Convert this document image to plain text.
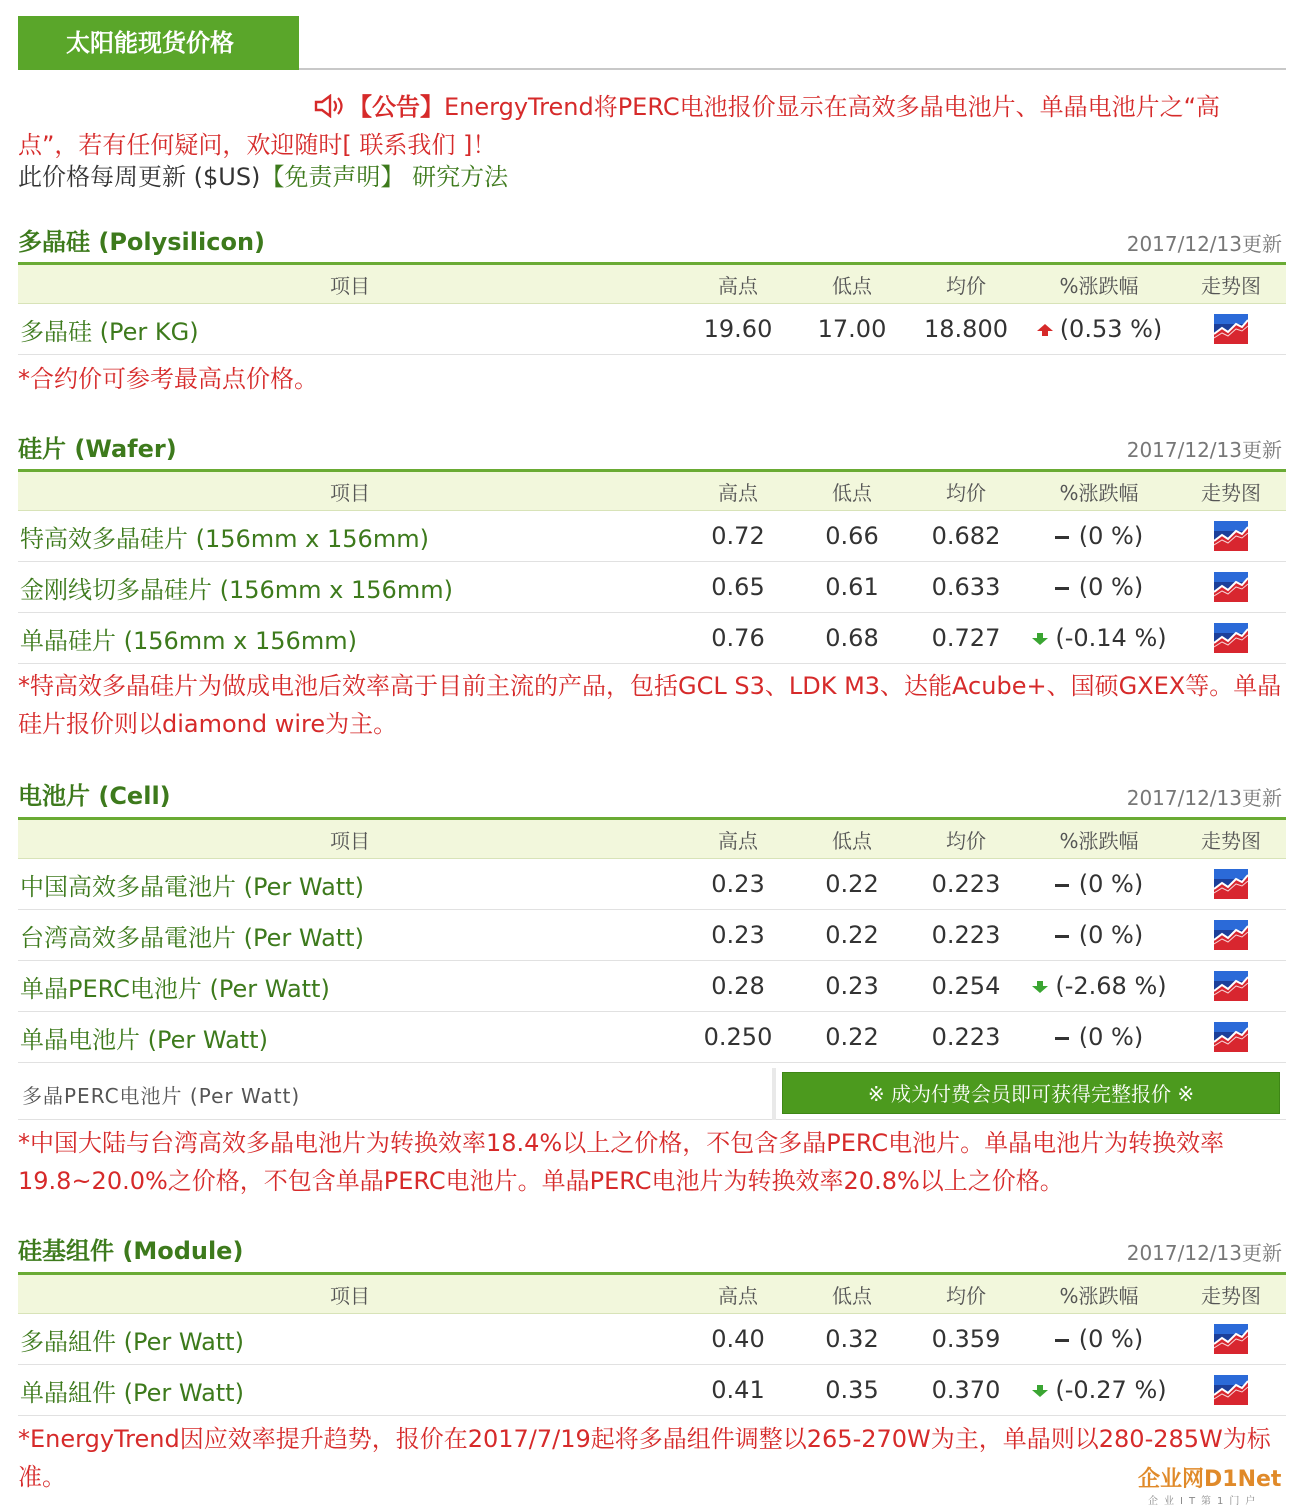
太阳能现货价格
【公告】EnergyTrend将PERC电池报价显示在高效多晶电池片、单晶电池片之“高点”，若有任何疑问，欢迎随时[ 联系我们 ]！
此价格每周更新 ($US)【免责声明】 研究方法
多晶硅 (Polysilicon)	2017/12/13更新
项目	高点	低点	均价	%涨跌幅	走势图
多晶硅 (Per KG)	19.60	17.00	18.800	(0.53 %)	
*合约价可参考最高点价格。
硅片 (Wafer)	2017/12/13更新
项目	高点	低点	均价	%涨跌幅	走势图
特高效多晶硅片 (156mm x 156mm)	0.72	0.66	0.682	(0 %)	
金刚线切多晶硅片 (156mm x 156mm)	0.65	0.61	0.633	(0 %)	
单晶硅片 (156mm x 156mm)	0.76	0.68	0.727	(-0.14 %)	
*特高效多晶硅片为做成电池后效率高于目前主流的产品，包括GCL S3、LDK M3、达能Acube+、国硕GXEX等。单晶硅片报价则以diamond wire为主。
电池片 (Cell)	2017/12/13更新
项目	高点	低点	均价	%涨跌幅	走势图
中国高效多晶電池片 (Per Watt)	0.23	0.22	0.223	(0 %)	
台湾高效多晶電池片 (Per Watt)	0.23	0.22	0.223	(0 %)	
单晶PERC电池片 (Per Watt)	0.28	0.23	0.254	(-2.68 %)	
单晶电池片 (Per Watt)	0.250	0.22	0.223	(0 %)	
多晶PERC电池片 (Per Watt)	※ 成为付费会员即可获得完整报价 ※
*中国大陆与台湾高效多晶电池片为转换效率18.4%以上之价格，不包含多晶PERC电池片。单晶电池片为转换效率19.8~20.0%之价格，不包含单晶PERC电池片。单晶PERC电池片为转换效率20.8%以上之价格。
硅基组件 (Module)	2017/12/13更新
项目	高点	低点	均价	%涨跌幅	走势图
多晶組件 (Per Watt)	0.40	0.32	0.359	(0 %)	
单晶組件 (Per Watt)	0.41	0.35	0.370	(-0.27 %)	
*EnergyTrend因应效率提升趋势，报价在2017/7/19起将多晶组件调整以265-270W为主，单晶则以280-285W为标准。	企业网D1Net
企业IT第1门户
